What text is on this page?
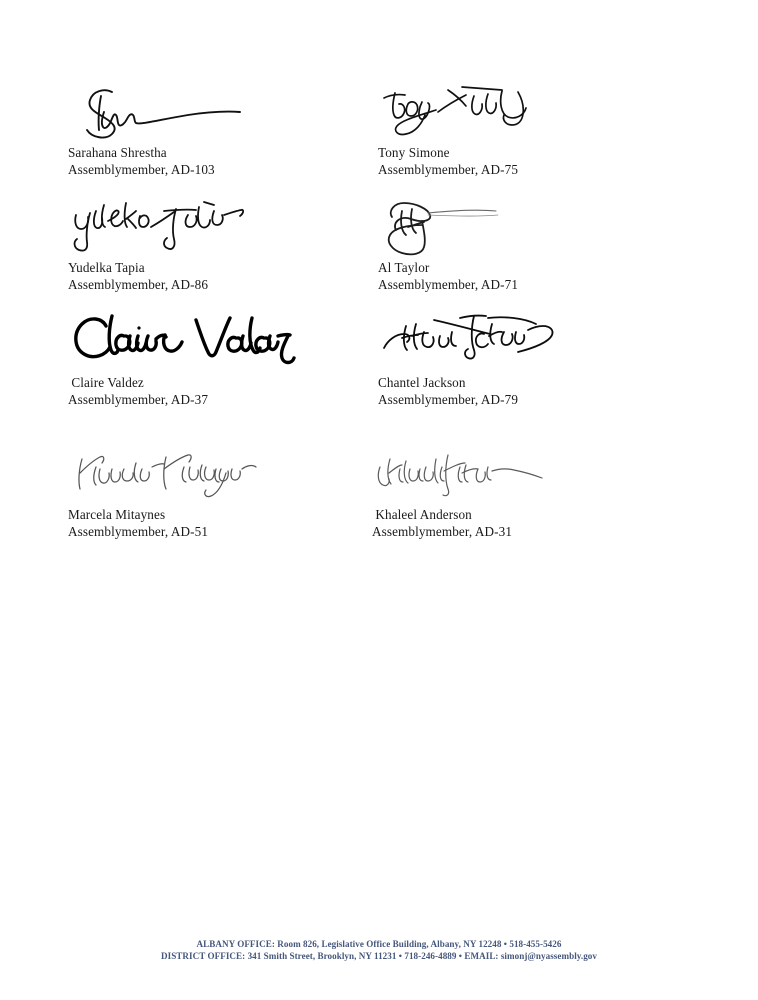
Sarahana Shrestha
Assemblymember, AD-103
Tony Simone
Assemblymember, AD-75
Yudelka Tapia
Assemblymember, AD-86
Al Taylor
Assemblymember, AD-71
Claire Valdez
Assemblymember, AD-37
Chantel Jackson
Assemblymember, AD-79
Marcela Mitaynes
Assemblymember, AD-51
Khaleel Anderson
Assemblymember, AD-31
ALBANY OFFICE: Room 826, Legislative Office Building, Albany, NY 12248 • 518-455-5426
DISTRICT OFFICE: 341 Smith Street, Brooklyn, NY 11231 • 718-246-4889 • EMAIL: simonj@nyassembly.gov
